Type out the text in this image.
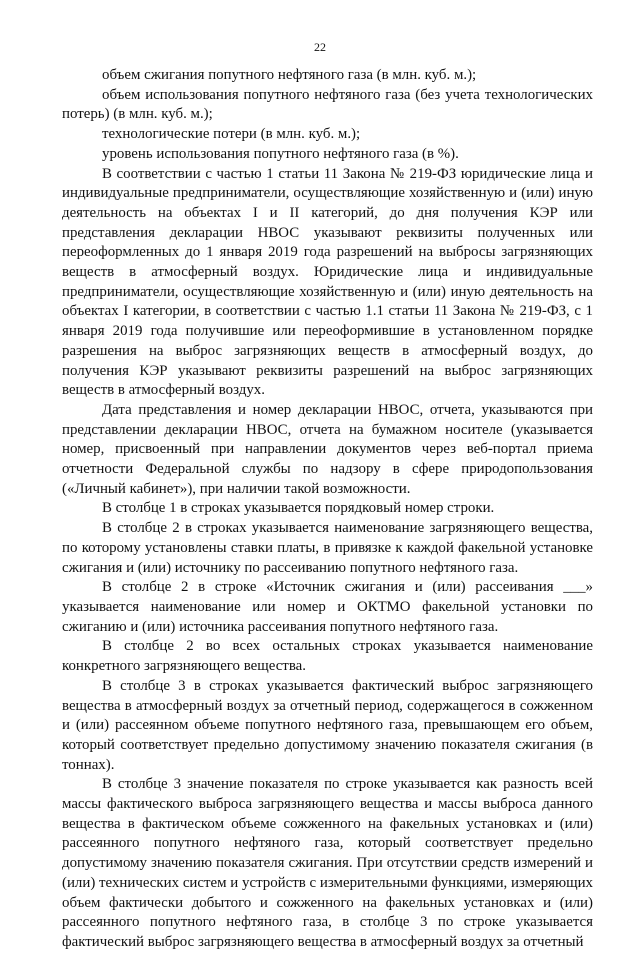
22

объем сжигания попутного нефтяного газа (в млн. куб. м.);

объем использования попутного нефтяного газа (без учета технологических потерь) (в млн. куб. м.);

технологические потери (в млн. куб. м.);

уровень использования попутного нефтяного газа (в %).

В соответствии с частью 1 статьи 11 Закона № 219-ФЗ юридические лица и индивидуальные предприниматели, осуществляющие хозяйственную и (или) иную деятельность на объектах I и II категорий, до дня получения КЭР или представления декларации НВОС указывают реквизиты полученных или переоформленных до 1 января 2019 года разрешений на выбросы загрязняющих веществ в атмосферный воздух. Юридические лица и индивидуальные предприниматели, осуществляющие хозяйственную и (или) иную деятельность на объектах I категории, в соответствии с частью 1.1 статьи 11 Закона № 219-ФЗ, с 1 января 2019 года получившие или переоформившие в установленном порядке разрешения на выброс загрязняющих веществ в атмосферный воздух, до получения КЭР указывают реквизиты разрешений на выброс загрязняющих веществ в атмосферный воздух.

Дата представления и номер декларации НВОС, отчета, указываются при представлении декларации НВОС, отчета на бумажном носителе (указывается номер, присвоенный при направлении документов через веб-портал приема отчетности Федеральной службы по надзору в сфере природопользования («Личный кабинет»), при наличии такой возможности.

В столбце 1 в строках указывается порядковый номер строки.

В столбце 2 в строках указывается наименование загрязняющего вещества, по которому установлены ставки платы, в привязке к каждой факельной установке сжигания и (или) источнику по рассеиванию попутного нефтяного газа.

В столбце 2 в строке «Источник сжигания и (или) рассеивания ___» указывается наименование или номер и ОКТМО факельной установки по сжиганию и (или) источника рассеивания попутного нефтяного газа.

В столбце 2 во всех остальных строках указывается наименование конкретного загрязняющего вещества.

В столбце 3 в строках указывается фактический выброс загрязняющего вещества в атмосферный воздух за отчетный период, содержащегося в сожженном и (или) рассеянном объеме попутного нефтяного газа, превышающем его объем, который соответствует предельно допустимому значению показателя сжигания (в тоннах).

В столбце 3 значение показателя по строке указывается как разность всей массы фактического выброса загрязняющего вещества и массы выброса данного вещества в фактическом объеме сожженного на факельных установках и (или) рассеянного попутного нефтяного газа, который соответствует предельно допустимому значению показателя сжигания. При отсутствии средств измерений и (или) технических систем и устройств с измерительными функциями, измеряющих объем фактически добытого и сожженного на факельных установках и (или) рассеянного попутного нефтяного газа, в столбце 3 по строке указывается фактический выброс загрязняющего вещества в атмосферный воздух за отчетный
